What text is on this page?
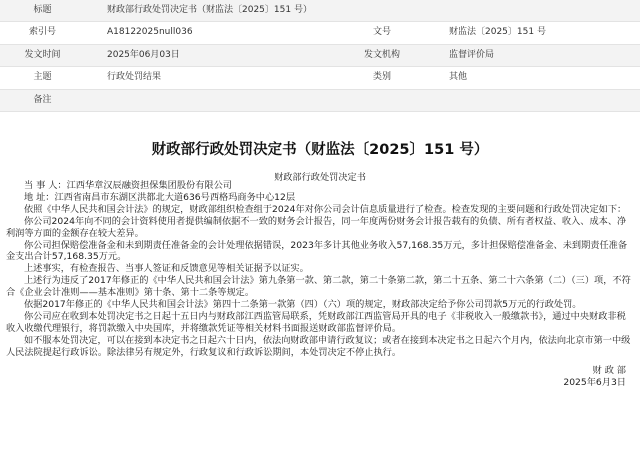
标题	财政部行政处罚决定书（财监法〔2025〕151 号）
索引号	A18122025null036	文号	财监法〔2025〕151 号
发文时间	2025年06月03日	发文机构	监督评价局
主题	行政处罚结果	类别	其他
备注
财政部行政处罚决定书（财监法〔2025〕151 号）
财政部行政处罚决定书

当 事 人：江西华章汉辰融资担保集团股份有限公司

地 址：江西省南昌市东湖区洪都北大道636号西格玛商务中心12层

依照《中华人民共和国会计法》的规定，财政部组织检查组于2024年对你公司会计信息质量进行了检查。检查发现的主要问题和行政处罚决定如下：

你公司2024年向不同的会计资料使用者提供编制依据不一致的财务会计报告，同一年度两份财务会计报告载有的负债、所有者权益、收入、成本、净利润等方面的金额存在较大差异。

你公司担保赔偿准备金和未到期责任准备金的会计处理依据错误，2023年多计其他业务收入57,168.35万元，多计担保赔偿准备金、未到期责任准备金支出合计57,168.35万元。

上述事实，有检查报告、当事人签证和反馈意见等相关证据予以证实。

上述行为违反了2017年修正的《中华人民共和国会计法》第九条第一款、第二款，第二十条第二款，第二十五条、第二十六条第（二）（三）项，不符合《企业会计准则——基本准则》第十条、第十二条等规定。

依据2017年修正的《中华人民共和国会计法》第四十二条第一款第（四）（六）项的规定，财政部决定给予你公司罚款5万元的行政处罚。

你公司应在收到本处罚决定书之日起十五日内与财政部江西监管局联系，凭财政部江西监管局开具的电子《非税收入一般缴款书》，通过中央财政非税收入收缴代理银行，将罚款缴入中央国库，并将缴款凭证等相关材料书面报送财政部监督评价局。

如不服本处罚决定，可以在接到本决定书之日起六十日内，依法向财政部申请行政复议；或者在接到本决定书之日起六个月内，依法向北京市第一中级人民法院提起行政诉讼。除法律另有规定外，行政复议和行政诉讼期间，本处罚决定不停止执行。

财 政 部

2025年6月3日
